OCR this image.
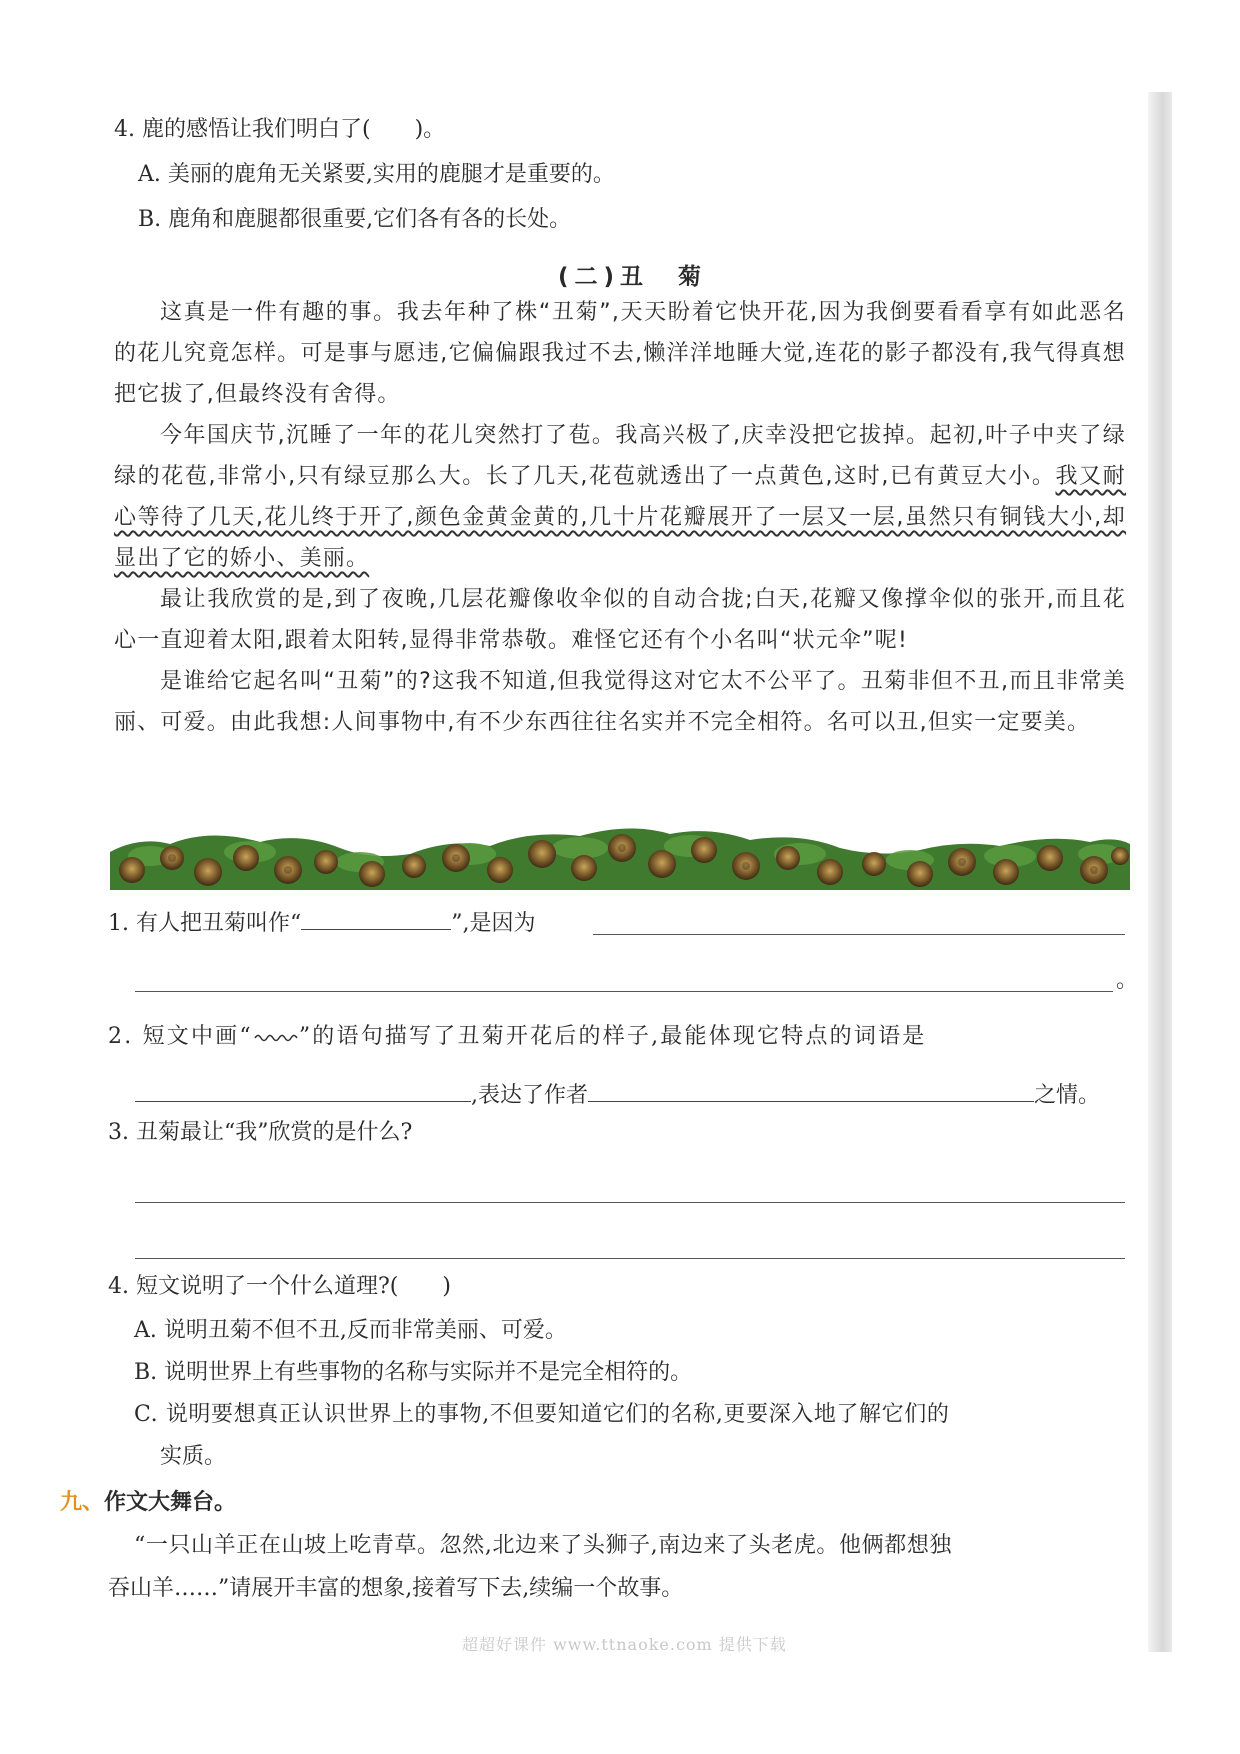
4. 鹿的感悟让我们明白了(　　)。
A. 美丽的鹿角无关紧要,实用的鹿腿才是重要的。
B. 鹿角和鹿腿都很重要,它们各有各的长处。
(二)丑　菊

这真是一件有趣的事。我去年种了株“丑菊”,天天盼着它快开花,因为我倒要看看享有如此恶名的花儿究竟怎样。可是事与愿违,它偏偏跟我过不去,懒洋洋地睡大觉,连花的影子都没有,我气得真想把它拔了,但最终没有舍得。

今年国庆节,沉睡了一年的花儿突然打了苞。我高兴极了,庆幸没把它拔掉。起初,叶子中夹了绿绿的花苞,非常小,只有绿豆那么大。长了几天,花苞就透出了一点黄色,这时,已有黄豆大小。我又耐心等待了几天,花儿终于开了,颜色金黄金黄的,几十片花瓣展开了一层又一层,虽然只有铜钱大小,却显出了它的娇小、美丽。

最让我欣赏的是,到了夜晚,几层花瓣像收伞似的自动合拢;白天,花瓣又像撑伞似的张开,而且花心一直迎着太阳,跟着太阳转,显得非常恭敬。难怪它还有个小名叫“状元伞”呢!

是谁给它起名叫“丑菊”的?这我不知道,但我觉得这对它太不公平了。丑菊非但不丑,而且非常美丽、可爱。由此我想:人间事物中,有不少东西往往名实并不完全相符。名可以丑,但实一定要美。

1. 有人把丑菊叫作“	”,是因为
。
2. 短文中画“ ”的语句描写了丑菊开花后的样子,最能体现它特点的词语是
,表达了作者	之情。
3. 丑菊最让“我”欣赏的是什么?
4. 短文说明了一个什么道理?(　　)
A. 说明丑菊不但不丑,反而非常美丽、可爱。
B. 说明世界上有些事物的名称与实际并不是完全相符的。
C. 说明要想真正认识世界上的事物,不但要知道它们的名称,更要深入地了解它们的
实质。
九、作文大舞台。
“一只山羊正在山坡上吃青草。忽然,北边来了头狮子,南边来了头老虎。他俩都想独
吞山羊……”请展开丰富的想象,接着写下去,续编一个故事。
超超好课件 www.ttnaoke.com 提供下载
